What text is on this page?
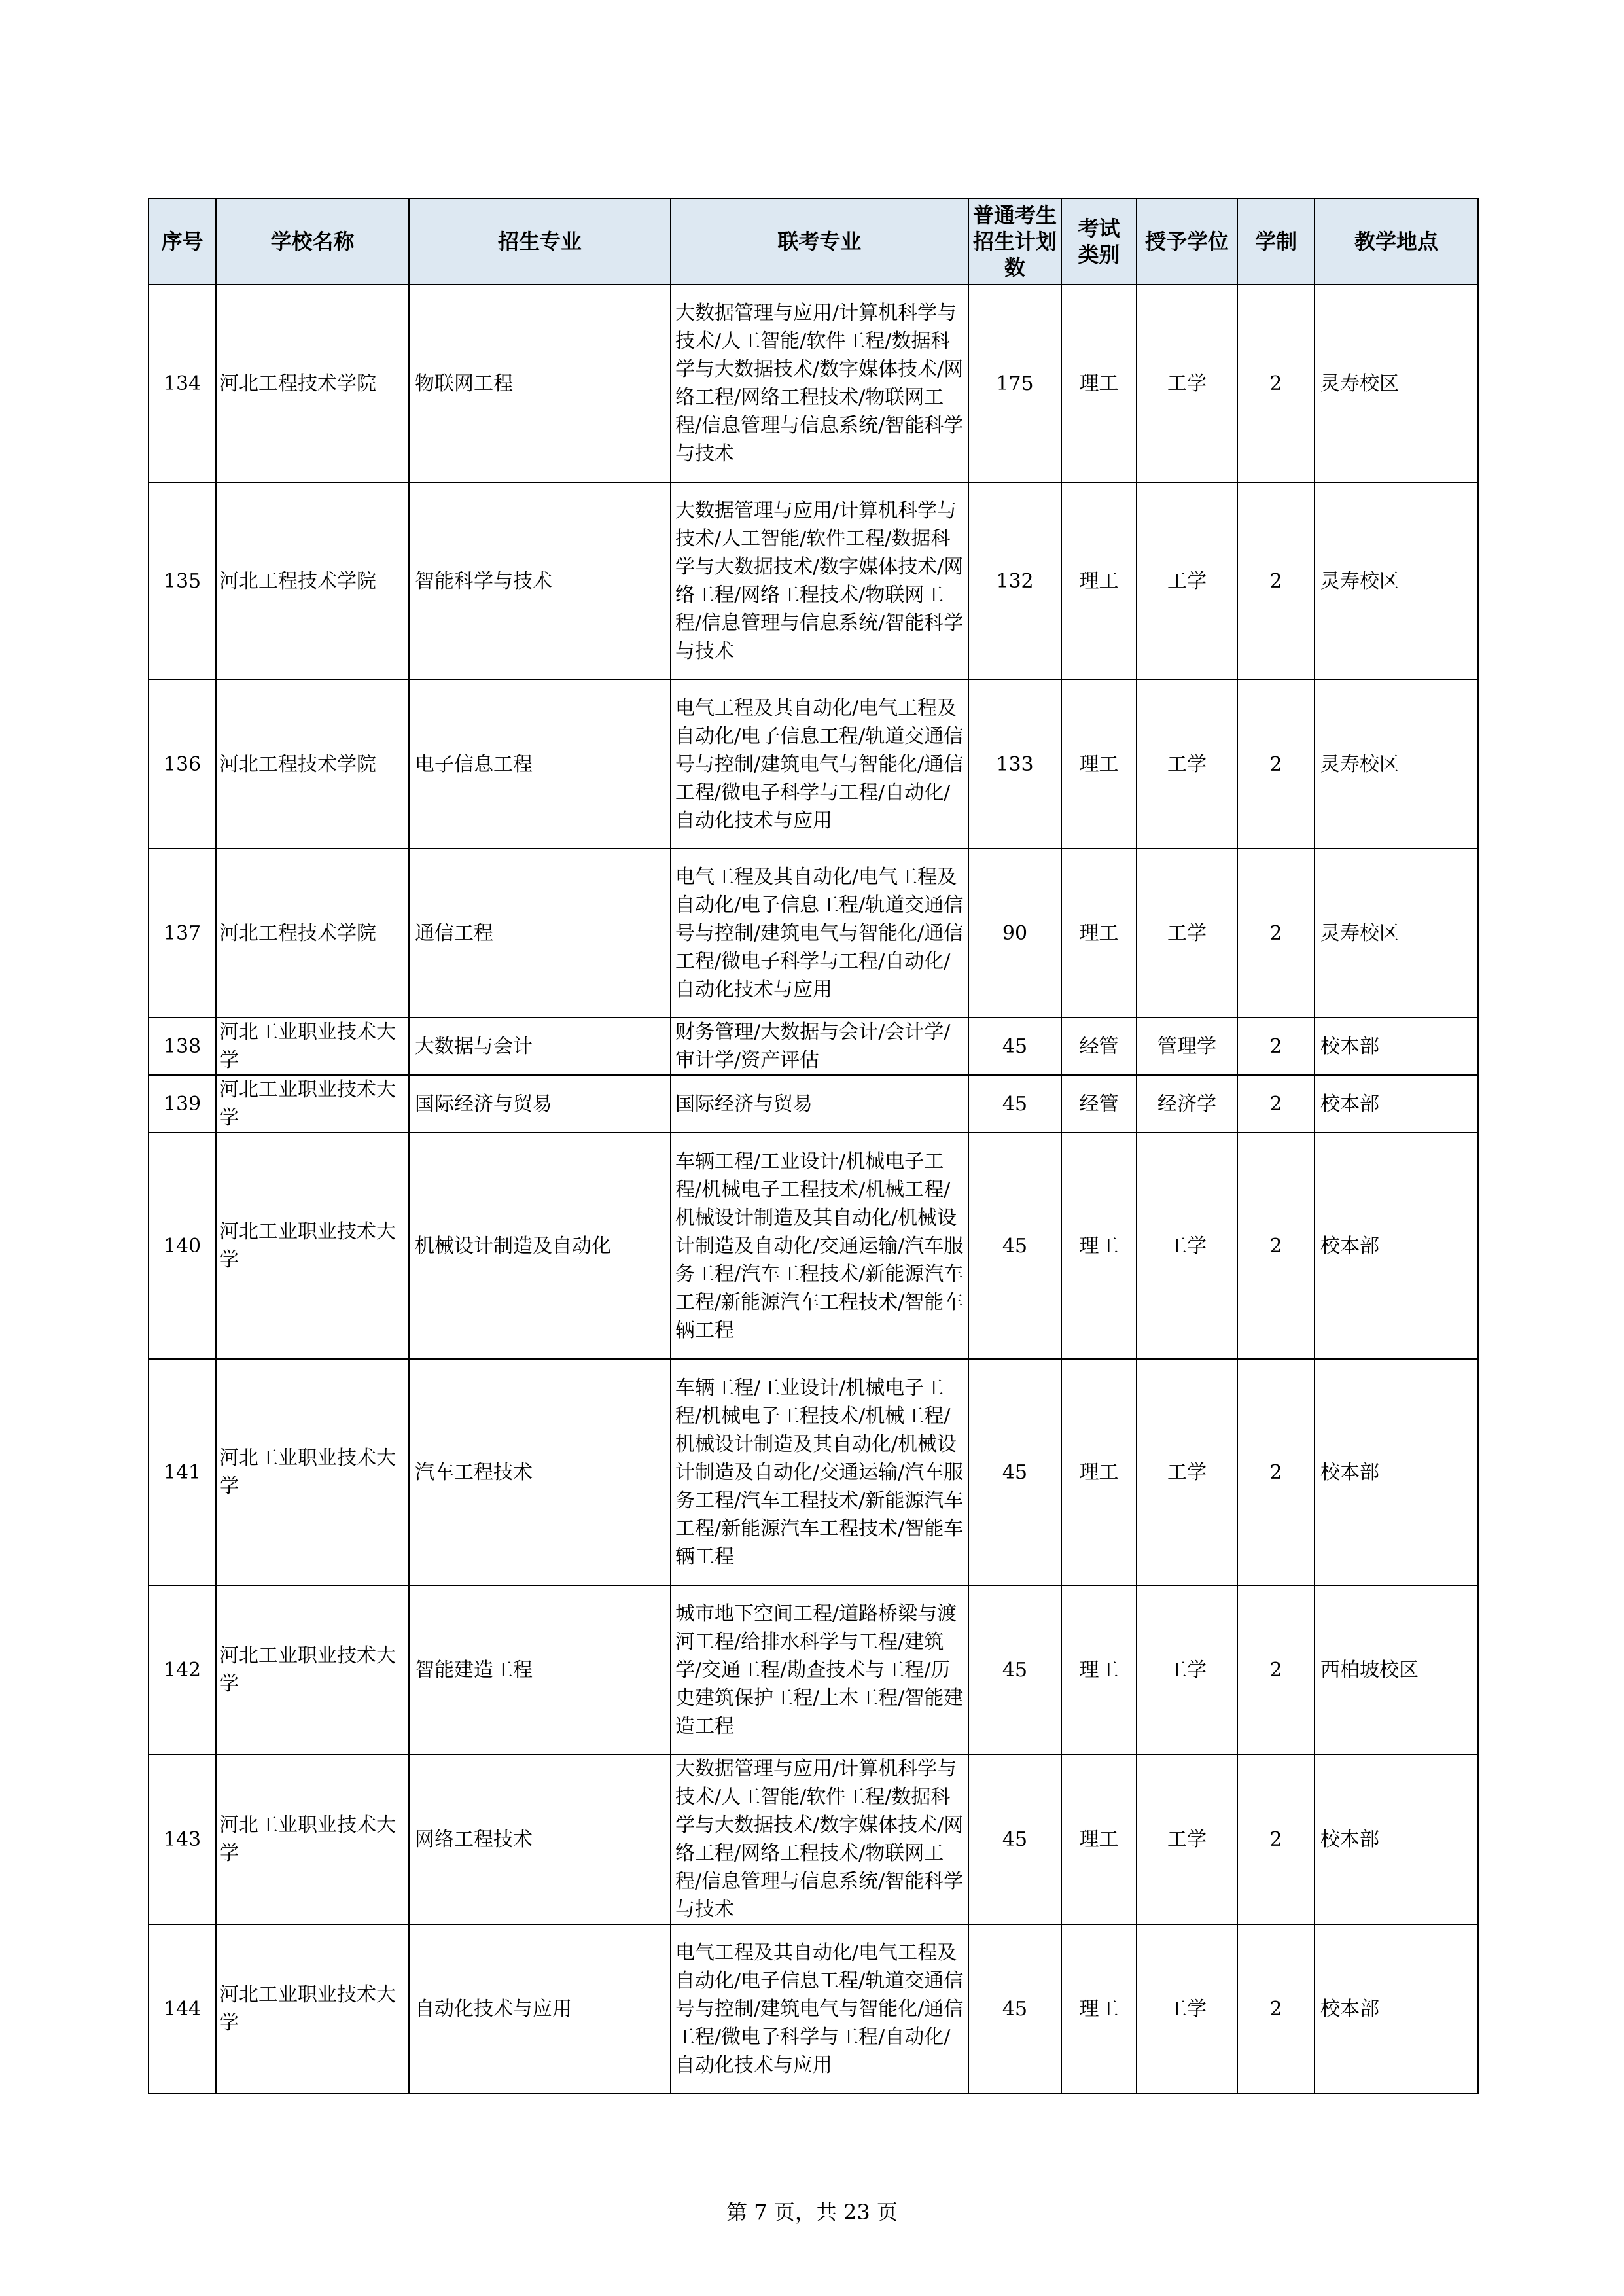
序号	学校名称	招生专业	联考专业	普通考生招生计划数	考试类别	授予学位	学制	教学地点
134	河北工程技术学院	物联网工程	大数据管理与应用/计算机科学与技术/人工智能/软件工程/数据科学与大数据技术/数字媒体技术/网络工程/网络工程技术/物联网工程/信息管理与信息系统/智能科学与技术	175	理工	工学	2	灵寿校区
135	河北工程技术学院	智能科学与技术	大数据管理与应用/计算机科学与技术/人工智能/软件工程/数据科学与大数据技术/数字媒体技术/网络工程/网络工程技术/物联网工程/信息管理与信息系统/智能科学与技术	132	理工	工学	2	灵寿校区
136	河北工程技术学院	电子信息工程	电气工程及其自动化/电气工程及自动化/电子信息工程/轨道交通信号与控制/建筑电气与智能化/通信工程/微电子科学与工程/自动化/自动化技术与应用	133	理工	工学	2	灵寿校区
137	河北工程技术学院	通信工程	电气工程及其自动化/电气工程及自动化/电子信息工程/轨道交通信号与控制/建筑电气与智能化/通信工程/微电子科学与工程/自动化/自动化技术与应用	90	理工	工学	2	灵寿校区
138	河北工业职业技术大学	大数据与会计	财务管理/大数据与会计/会计学/审计学/资产评估	45	经管	管理学	2	校本部
139	河北工业职业技术大学	国际经济与贸易	国际经济与贸易	45	经管	经济学	2	校本部
140	河北工业职业技术大学	机械设计制造及自动化	车辆工程/工业设计/机械电子工程/机械电子工程技术/机械工程/机械设计制造及其自动化/机械设计制造及自动化/交通运输/汽车服务工程/汽车工程技术/新能源汽车工程/新能源汽车工程技术/智能车辆工程	45	理工	工学	2	校本部
141	河北工业职业技术大学	汽车工程技术	车辆工程/工业设计/机械电子工程/机械电子工程技术/机械工程/机械设计制造及其自动化/机械设计制造及自动化/交通运输/汽车服务工程/汽车工程技术/新能源汽车工程/新能源汽车工程技术/智能车辆工程	45	理工	工学	2	校本部
142	河北工业职业技术大学	智能建造工程	城市地下空间工程/道路桥梁与渡河工程/给排水科学与工程/建筑学/交通工程/勘查技术与工程/历史建筑保护工程/土木工程/智能建造工程	45	理工	工学	2	西柏坡校区
143	河北工业职业技术大学	网络工程技术	大数据管理与应用/计算机科学与技术/人工智能/软件工程/数据科学与大数据技术/数字媒体技术/网络工程/网络工程技术/物联网工程/信息管理与信息系统/智能科学与技术	45	理工	工学	2	校本部
144	河北工业职业技术大学	自动化技术与应用	电气工程及其自动化/电气工程及自动化/电子信息工程/轨道交通信号与控制/建筑电气与智能化/通信工程/微电子科学与工程/自动化/自动化技术与应用	45	理工	工学	2	校本部
第 7 页，共 23 页
